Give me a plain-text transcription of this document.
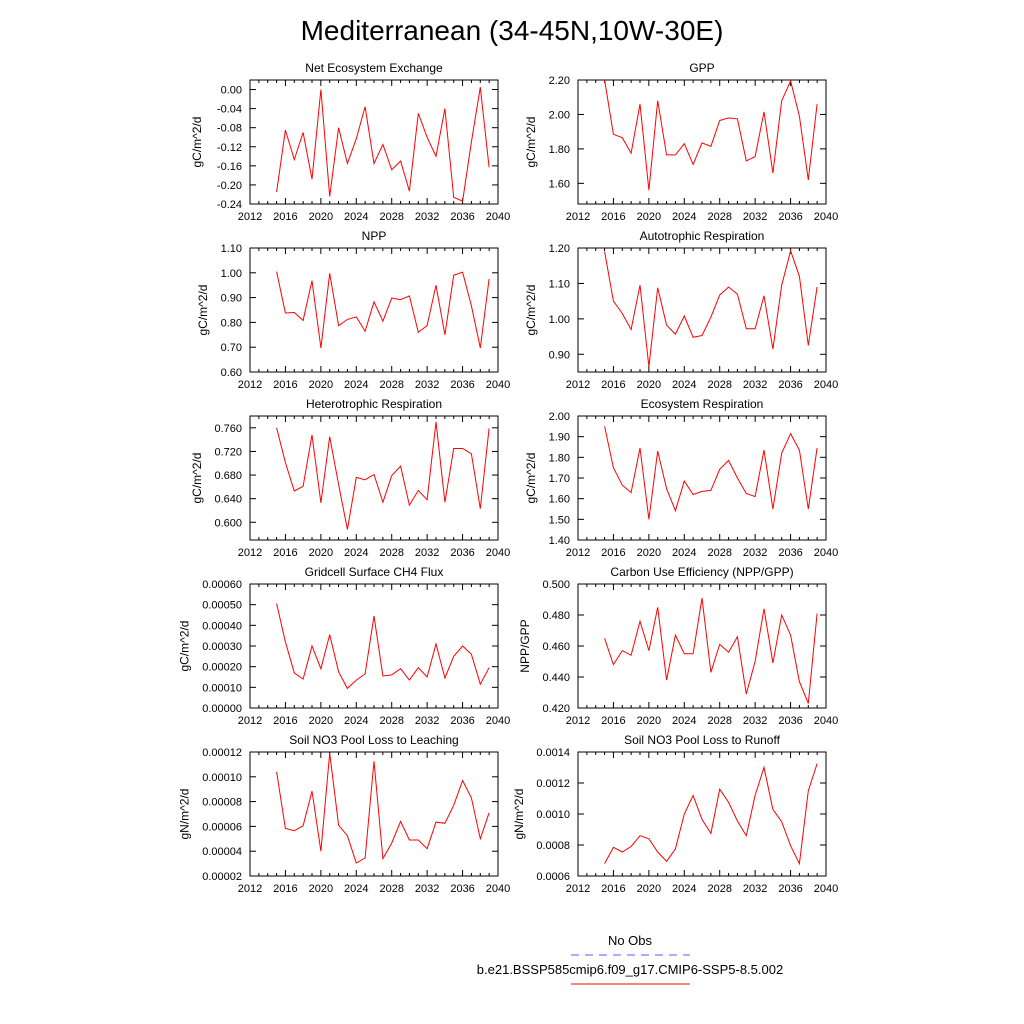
Mediterranean (34-45N,10W-30E)
Net Ecosystem Exchange
2012 2016 2020 2024 2028 2032 2036 2040
-0.24
-0.20
-0.16
-0.12
-0.08
-0.04
0.00
gC/m^2/d
GPP
2012 2016 2020 2024 2028 2032 2036 2040
1.60
1.80
2.00
2.20
gC/m^2/d
NPP
2012 2016 2020 2024 2028 2032 2036 2040
0.60
0.70
0.80
0.90
1.00
1.10
gC/m^2/d
Autotrophic Respiration
2012 2016 2020 2024 2028 2032 2036 2040
0.90
1.00
1.10
1.20
gC/m^2/d
Heterotrophic Respiration
2012 2016 2020 2024 2028 2032 2036 2040
0.600
0.640
0.680
0.720
0.760
gC/m^2/d
Ecosystem Respiration
2012 2016 2020 2024 2028 2032 2036 2040
1.40
1.50
1.60
1.70
1.80
1.90
2.00
gC/m^2/d
Gridcell Surface CH4 Flux
2012 2016 2020 2024 2028 2032 2036 2040
0.00000
0.00010
0.00020
0.00030
0.00040
0.00050
0.00060
gC/m^2/d
Carbon Use Efficiency (NPP/GPP)
2012 2016 2020 2024 2028 2032 2036 2040
0.420
0.440
0.460
0.480
0.500
NPP/GPP
Soil NO3 Pool Loss to Leaching
2012 2016 2020 2024 2028 2032 2036 2040
0.00002
0.00004
0.00006
0.00008
0.00010
0.00012
gN/m^2/d
Soil NO3 Pool Loss to Runoff
2012 2016 2020 2024 2028 2032 2036 2040
0.0006
0.0008
0.0010
0.0012
0.0014
gN/m^2/d
No Obs
b.e21.BSSP585cmip6.f09_g17.CMIP6-SSP5-8.5.002
